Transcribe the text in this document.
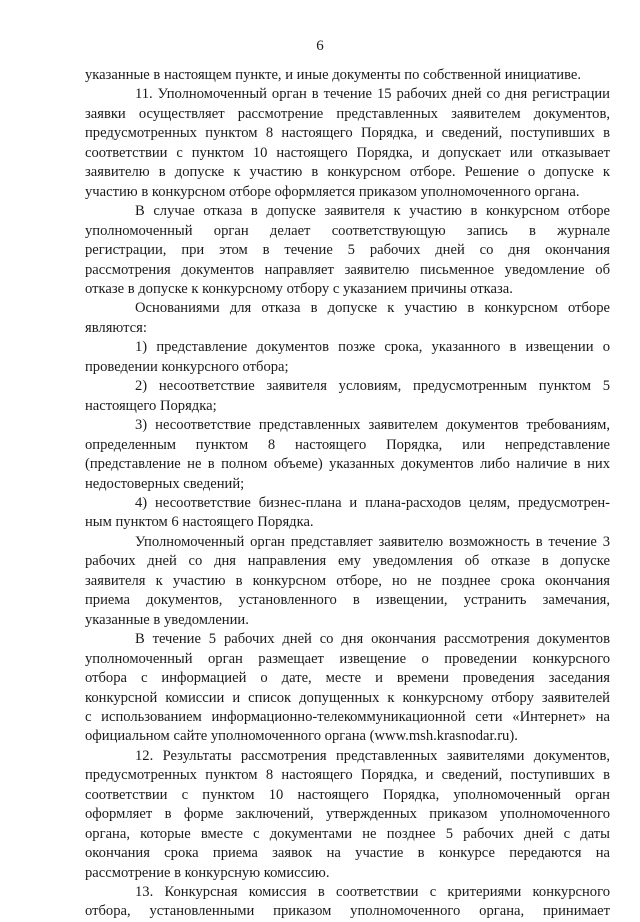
6

указанные в настоящем пункте, и иные документы по собственной инициативе.

11. Уполномоченный орган в течение 15 рабочих дней со дня регистрации

заявки осуществляет рассмотрение представленных заявителем документов,

предусмотренных пунктом 8 настоящего Порядка, и сведений, поступивших в

соответствии с пунктом 10 настоящего Порядка, и допускает или отказывает

заявителю в допуске к участию в конкурсном отборе. Решение о допуске к

участию в конкурсном отборе оформляется приказом уполномоченного органа.

В случае отказа в допуске заявителя к участию в конкурсном отборе

уполномоченный орган делает соответствующую запись в журнале

регистрации, при этом в течение 5 рабочих дней со дня окончания

рассмотрения документов направляет заявителю письменное уведомление об

отказе в допуске к конкурсному отбору с указанием причины отказа.

Основаниями для отказа в допуске к участию в конкурсном отборе

являются:

1) представление документов позже срока, указанного в извещении о

проведении конкурсного отбора;

2) несоответствие заявителя условиям, предусмотренным пунктом 5

настоящего Порядка;

3) несоответствие представленных заявителем документов требованиям,

определенным пунктом 8 настоящего Порядка, или непредставление

(представление не в полном объеме) указанных документов либо наличие в них

недостоверных сведений;

4) несоответствие бизнес-плана и плана-расходов целям, предусмотрен-

ным пунктом 6 настоящего Порядка.

Уполномоченный орган представляет заявителю возможность в течение 3

рабочих дней со дня направления ему уведомления об отказе в допуске

заявителя к участию в конкурсном отборе, но не позднее срока окончания

приема документов, установленного в извещении, устранить замечания,

указанные в уведомлении.

В течение 5 рабочих дней со дня окончания рассмотрения документов

уполномоченный орган размещает извещение о проведении конкурсного

отбора с информацией о дате, месте и времени проведения заседания

конкурсной комиссии и список допущенных к конкурсному отбору заявителей

с использованием информационно-телекоммуникационной сети «Интернет» на

официальном сайте уполномоченного органа (www.msh.krasnodar.ru).

12. Результаты рассмотрения представленных заявителями документов,

предусмотренных пунктом 8 настоящего Порядка, и сведений, поступивших в

соответствии с пунктом 10 настоящего Порядка, уполномоченный орган

оформляет в форме заключений, утвержденных приказом уполномоченного

органа, которые вместе с документами не позднее 5 рабочих дней с даты

окончания срока приема заявок на участие в конкурсе передаются на

рассмотрение в конкурсную комиссию.

13. Конкурсная комиссия в соответствии с критериями конкурсного

отбора, установленными приказом уполномоченного органа, принимает
